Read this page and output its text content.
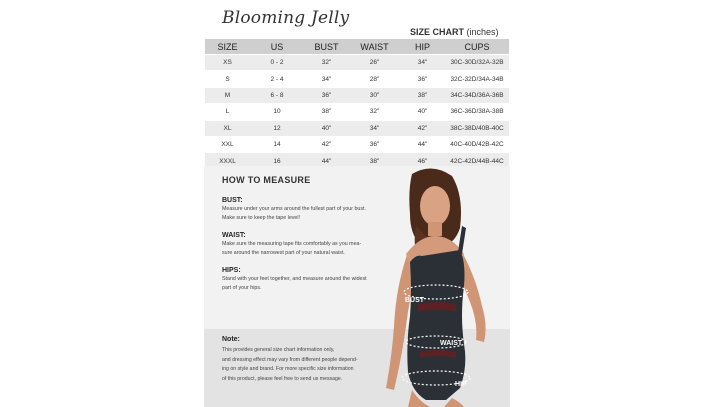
Blooming Jelly
SIZE CHART (inches)
SIZE	US	BUST	WAIST	HIP	CUPS
XS	0 - 2	32"	26"	34"	30C-30D/32A-32B
S	2 - 4	34"	28"	36"	32C-32D/34A-34B
M	6 - 8	36"	30"	38"	34C-34D/36A-36B
L	10	38"	32"	40"	36C-36D/38A-38B
XL	12	40"	34"	42"	38C-38D/40B-40C
XXL	14	42"	36"	44"	40C-40D/42B-42C
XXXL	16	44"	38"	46"	42C-42D/44B-44C
HOW TO MEASURE
BUST:
Measure under your arms around the fullest part of your bust.
Make sure to keep the tape level!
WAIST:
Make sure the measuring tape fits comfortably as you mea-
sure around the narrowest part of your natural waist.
HIPS:
Stand with your feet together, and measure around the widest
part of your hips.
Note:
This provides general size chart information only,
and dressing effect may vary from different people depend-
ing on style and brand. For more specific size information
of this product, please feel free to send us message.
BUST
WAIST
HIP
